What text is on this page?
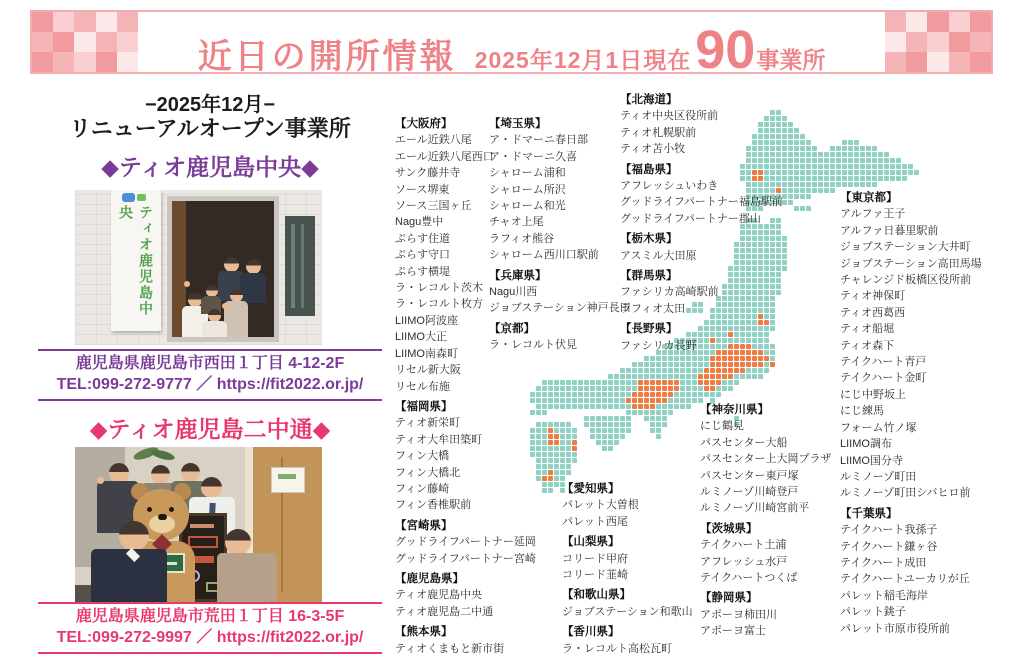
近日の開所情報 2025年12月1日現在 90 事業所
−2025年12月−
リニューアルオープン事業所
◆ティオ鹿児島中央◆
ティオ鹿児島中央
鹿児島県鹿児島市西田１丁目 4-12-2F
TEL:099-272-9777 ／ https://fit2022.or.jp/
◆ティオ鹿児島二中通◆
鹿児島県鹿児島市荒田１丁目 16-3-5F
TEL:099-272-9997 ／ https://fit2022.or.jp/
【大阪府】
エール近鉄八尾
エール近鉄八尾西口
サンク藤井寺
ソース堺東
ソース三国ヶ丘
Nagu豊中
ぷらす住道
ぷらす守口
ぷらす横堤
ラ・レコルト茨木
ラ・レコルト枚方
LIIMO阿波座
LIIMO大正
LIIMO南森町
リセル新大阪
リセル布施
【福岡県】
ティオ新栄町
ティオ大牟田築町
フィン大橋
フィン大橋北
フィン藤崎
フィン香椎駅前
【宮崎県】
グッドライフパートナー延岡
グッドライフパートナー宮崎
【鹿児島県】
ティオ鹿児島中央
ティオ鹿児島二中通
【熊本県】
ティオくまもと新市街
【埼玉県】
ア・ドマーニ春日部
ア・ドマーニ久喜
シャローム浦和
シャローム所沢
シャローム和光
チャオ上尾
ラフィオ熊谷
シャローム西川口駅前
【兵庫県】
Nagu川西
ジョブステーション神戸長田
【京都】
ラ・レコルト伏見
【愛知県】
パレット大曽根
パレット西尾
【山梨県】
コリード甲府
コリード韮崎
【和歌山県】
ジョブステーション和歌山
【香川県】
ラ・レコルト高松瓦町
【北海道】
ティオ中央区役所前
ティオ札幌駅前
ティオ苫小牧
【福島県】
アフレッシュいわき
グッドライフパートナー福島駅前
グッドライフパートナー郡山
【栃木県】
アスミル大田原
【群馬県】
ファシリカ高崎駅前
ラフィオ太田
【長野県】
ファシリカ長野
【神奈川県】
にじ鶴見
パスセンター大船
パスセンター上大岡プラザ
パスセンター東戸塚
ルミノーゾ川崎登戸
ルミノーゾ川崎宮前平
【茨城県】
テイクハート土浦
アフレッシュ水戸
テイクハートつくば
【静岡県】
アポーヨ柿田川
アポーヨ富士
【東京都】
アルファ王子
アルファ日暮里駅前
ジョブステーション大井町
ジョブステーション高田馬場
チャレンジド板橋区役所前
ティオ神保町
ティオ西葛西
ティオ船堀
ティオ森下
テイクハート青戸
テイクハート金町
にじ中野坂上
にじ練馬
フォーム竹ノ塚
LIIMO調布
LIIMO国分寺
ルミノーゾ町田
ルミノーゾ町田シバヒロ前
【千葉県】
テイクハート我孫子
テイクハート鎌ヶ谷
テイクハート成田
テイクハートユーカリが丘
パレット稲毛海岸
パレット銚子
パレット市原市役所前
